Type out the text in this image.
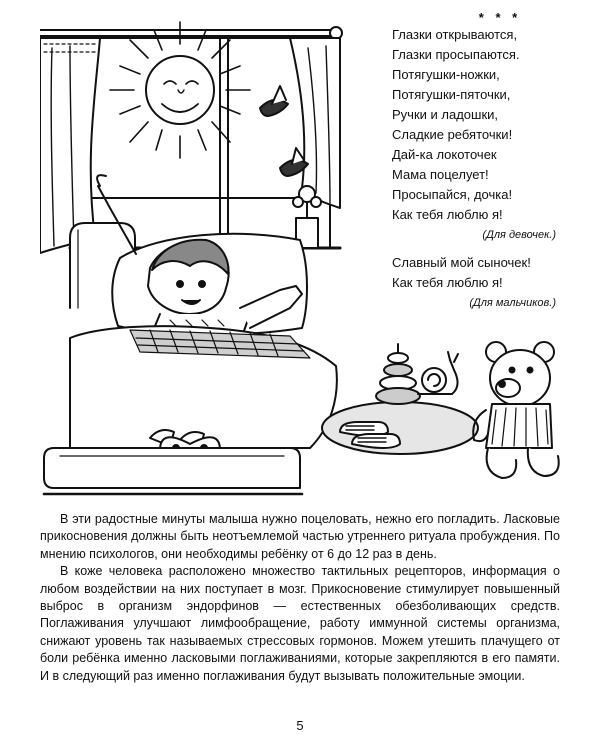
* * *
Глазки открываются,
Глазки просыпаются.
Потягушки-ножки,
Потягушки-пяточки,
Ручки и ладошки,
Сладкие ребяточки!
Дай-ка локоточек
Мама поцелует!
Просыпайся, дочка!
Как тебя люблю я!
(Для девочек.)
Славный мой сыночек!
Как тебя люблю я!
(Для мальчиков.)

В эти радостные минуты малыша нужно поцеловать, нежно его погладить. Ласковые прикосновения должны быть неотъемлемой частью утреннего ритуала пробуждения. По мнению психологов, они необходимы ребёнку от 6 до 12 раз в день.

В коже человека расположено множество тактильных рецепторов, информация о любом воздействии на них поступает в мозг. Прикосновение стимулирует повышенный выброс в организм эндорфинов — естественных обезболивающих средств. Поглаживания улучшают лимфообращение, работу иммунной системы организма, снижают уровень так называемых стрессовых гормонов. Можем утешить плачущего от боли ребёнка именно ласковыми поглаживаниями, которые закрепляются в его памяти. И в следующий раз именно поглаживания будут вызывать положительные эмоции.

5
